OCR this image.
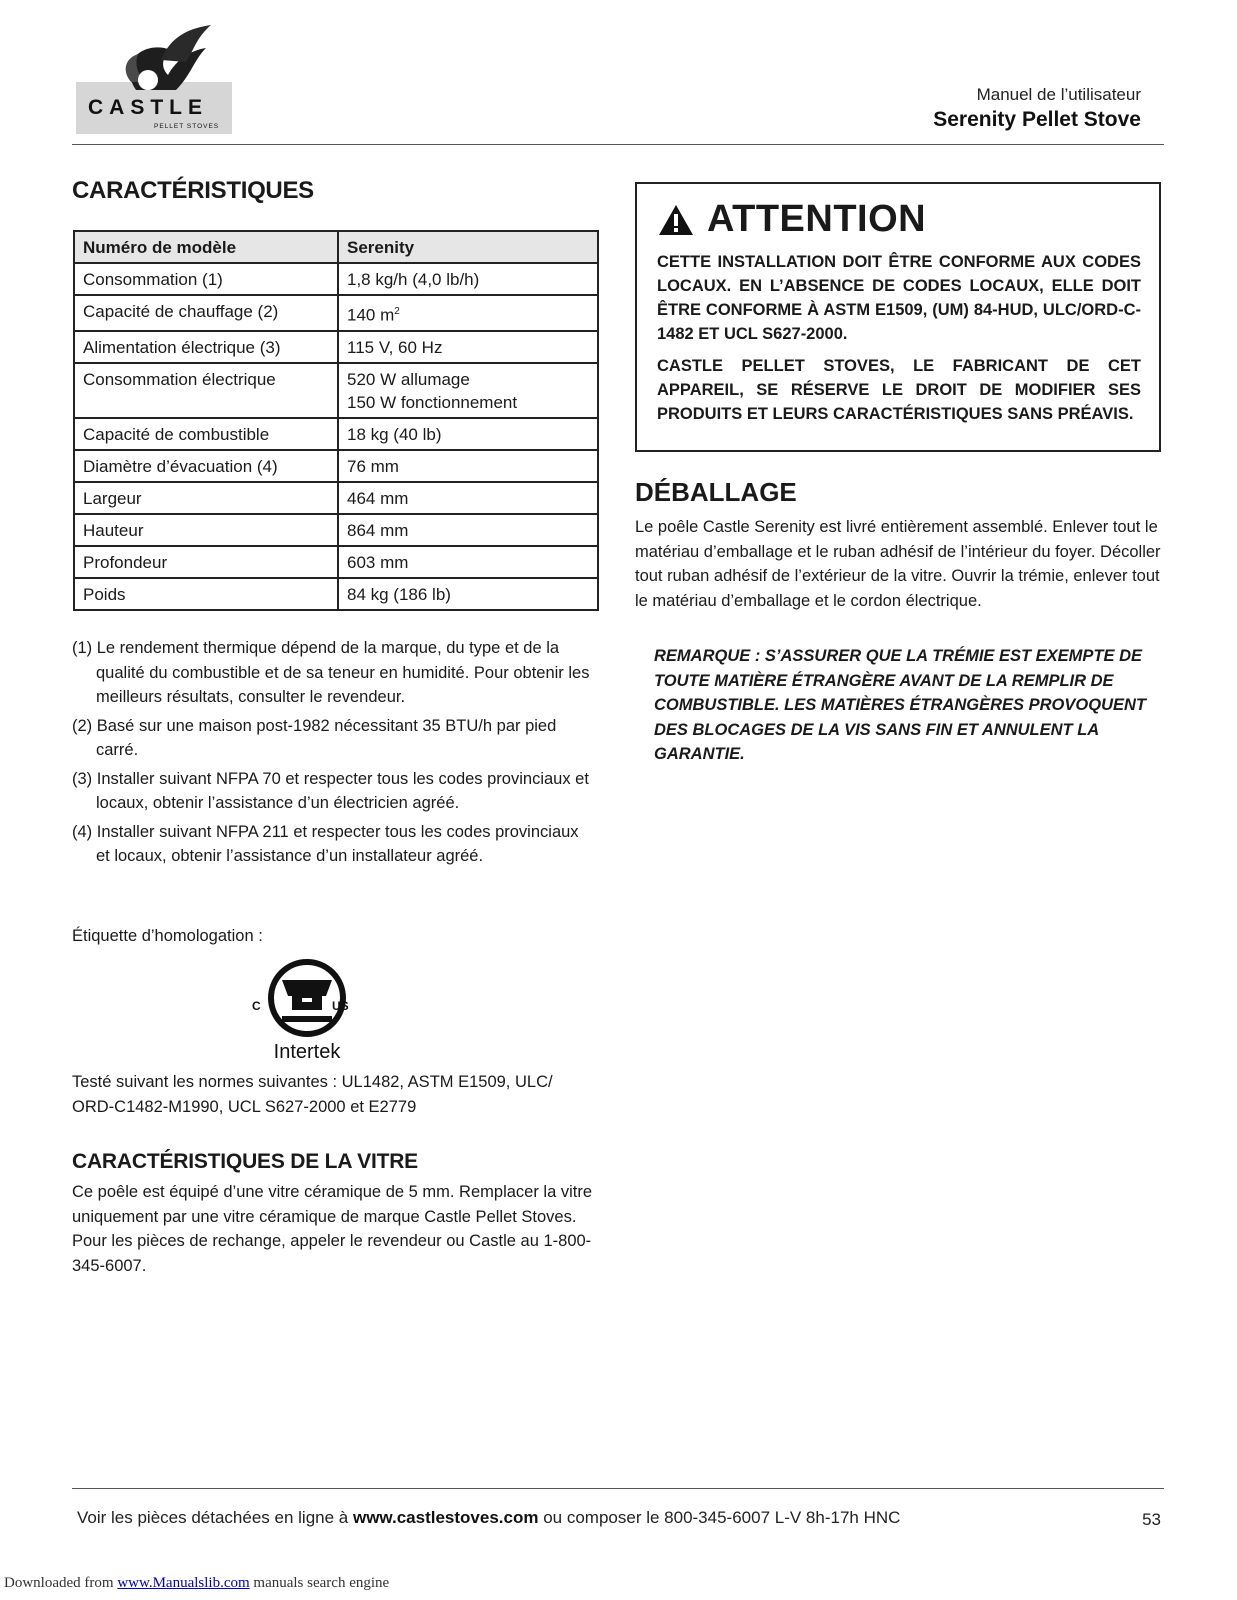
CASTLE
PELLET STOVES
Manuel de l’utilisateur
Serenity Pellet Stove
CARACTÉRISTIQUES
Numéro de modèle	Serenity
Consommation (1)	1,8 kg/h (4,0 lb/h)
Capacité de chauffage (2)	140 $m^2$
Alimentation électrique (3)	115 V, 60 Hz
Consommation électrique	520 W allumage
150 W fonctionnement

Capacité de combustible	18 kg (40 lb)
Diamètre d’évacuation (4)	76 mm
Largeur	464 mm
Hauteur	864 mm
Profondeur	603 mm
Poids	84 kg (186 lb)
(1) Le rendement thermique dépend de la marque, du type et de la qualité du combustible et de sa teneur en humidité. Pour obtenir les meilleurs résultats, consulter le revendeur.
(2) Basé sur une maison post-1982 nécessitant 35 BTU/h par pied carré.
(3) Installer suivant NFPA 70 et respecter tous les codes provinciaux et locaux, obtenir l’assistance d’un électricien agréé.
(4) Installer suivant NFPA 211 et respecter tous les codes provinciaux et locaux, obtenir l’assistance d’un installateur agréé.
Étiquette d’homologation :
C	US
Intertek
Testé suivant les normes suivantes : UL1482, ASTM E1509, ULC/ ORD-C1482-M1990, UCL S627-2000 et E2779
CARACTÉRISTIQUES DE LA VITRE
Ce poêle est équipé d’une vitre céramique de 5 mm. Remplacer la vitre uniquement par une vitre céramique de marque Castle Pellet Stoves. Pour les pièces de rechange, appeler le revendeur ou Castle au 1-800-345-6007.
ATTENTION
CETTE INSTALLATION DOIT ÊTRE CONFORME AUX CODES LOCAUX. EN L’ABSENCE DE CODES LOCAUX, ELLE DOIT ÊTRE CONFORME À ASTM E1509, (UM) 84-HUD, ULC/ORD-C-1482 ET UCL S627-2000.
CASTLE PELLET STOVES, LE FABRICANT DE CET APPAREIL, SE RÉSERVE LE DROIT DE MODIFIER SES PRODUITS ET LEURS CARACTÉRISTIQUES SANS PRÉAVIS.
DÉBALLAGE
Le poêle Castle Serenity est livré entièrement assemblé. Enlever tout le matériau d’emballage et le ruban adhésif de l’intérieur du foyer. Décoller tout ruban adhésif de l’extérieur de la vitre. Ouvrir la trémie, enlever tout le matériau d’emballage et le cordon électrique.
REMARQUE : S’ASSURER QUE LA TRÉMIE EST EXEMPTE DE TOUTE MATIÈRE ÉTRANGÈRE AVANT DE LA REMPLIR DE COMBUSTIBLE. LES MATIÈRES ÉTRANGÈRES PROVOQUENT DES BLOCAGES DE LA VIS SANS FIN ET ANNULENT LA GARANTIE.
Voir les pièces détachées en ligne à www.castlestoves.com ou composer le 800-345-6007 L-V 8h-17h HNC	53
Downloaded from www.Manualslib.com manuals search engine
